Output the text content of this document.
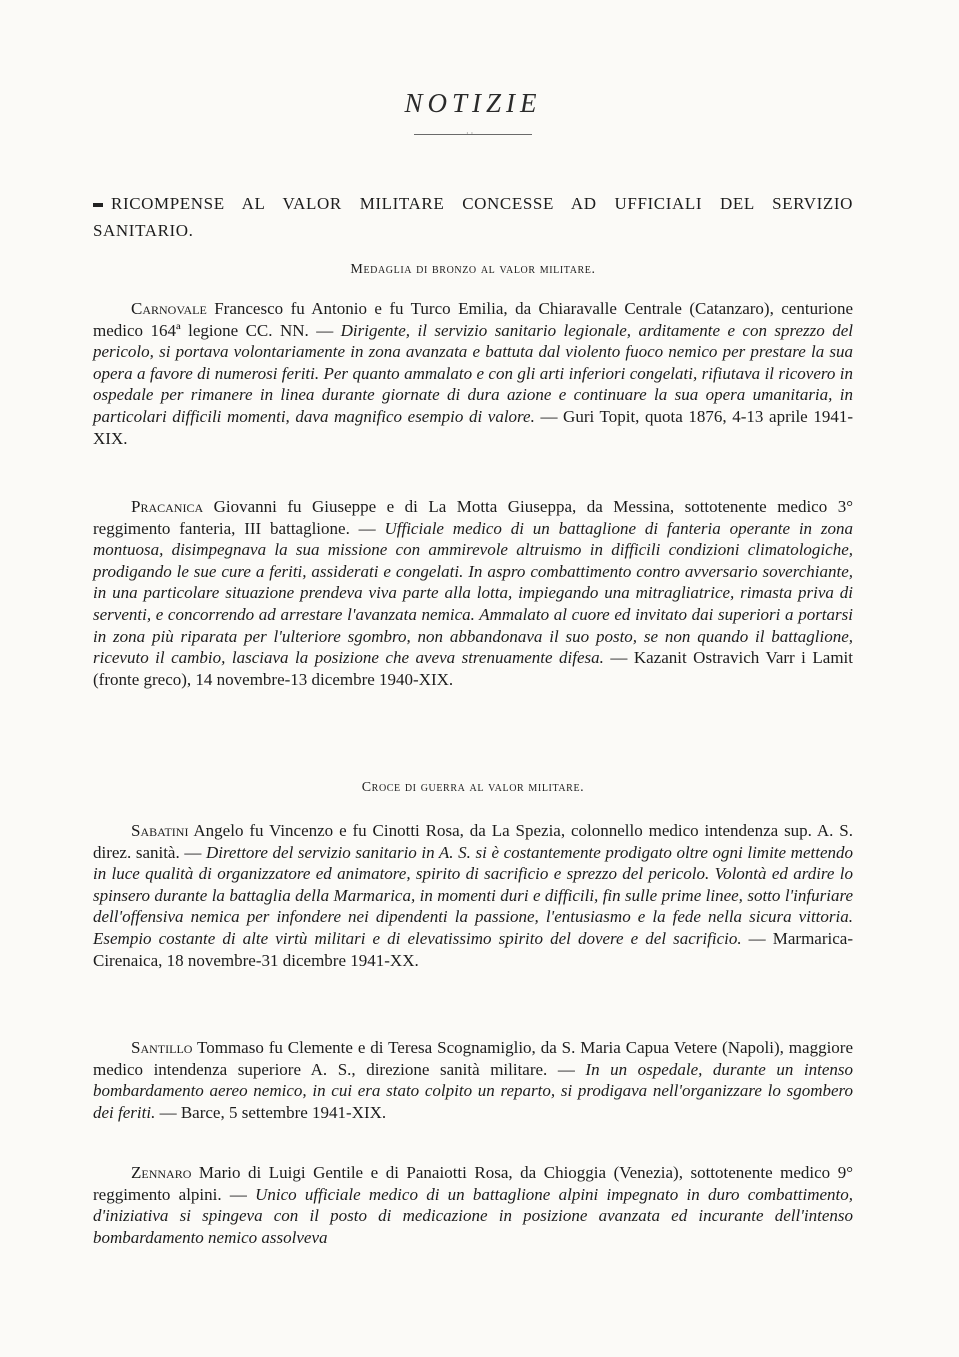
NOTIZIE
· ·
RICOMPENSE AL VALOR MILITARE CONCESSE AD UFFICIALI DEL SERVIZIO SANITARIO.
Medaglia di bronzo al valor militare.

Carnovale Francesco fu Antonio e fu Turco Emilia, da Chiaravalle Centrale (Catanzaro), centurione medico 164ª legione CC. NN. — Dirigente, il servizio sanitario legionale, arditamente e con sprezzo del pericolo, si portava volontariamente in zona avanzata e battuta dal violento fuoco nemico per prestare la sua opera a favore di numerosi feriti. Per quanto ammalato e con gli arti inferiori congelati, rifiutava il ricovero in ospedale per rimanere in linea durante giornate di dura azione e continuare la sua opera umanitaria, in particolari difficili momenti, dava magnifico esempio di valore. — Guri Topit, quota 1876, 4-13 aprile 1941-XIX.

Pracanica Giovanni fu Giuseppe e di La Motta Giuseppa, da Messina, sottotenente medico 3° reggimento fanteria, III battaglione. — Ufficiale medico di un battaglione di fanteria operante in zona montuosa, disimpegnava la sua missione con ammirevole altruismo in difficili condizioni climatologiche, prodigando le sue cure a feriti, assiderati e congelati. In aspro combattimento contro avversario soverchiante, in una particolare situazione prendeva viva parte alla lotta, impiegando una mitragliatrice, rimasta priva di serventi, e concorrendo ad arrestare l'avanzata nemica. Ammalato al cuore ed invitato dai superiori a portarsi in zona più riparata per l'ulteriore sgombro, non abbandonava il suo posto, se non quando il battaglione, ricevuto il cambio, lasciava la posizione che aveva strenuamente difesa. — Kazanit Ostravich Varr i Lamit (fronte greco), 14 novembre-13 dicembre 1940-XIX.

Croce di guerra al valor militare.

Sabatini Angelo fu Vincenzo e fu Cinotti Rosa, da La Spezia, colonnello medico intendenza sup. A. S. direz. sanità. — Direttore del servizio sanitario in A. S. si è costantemente prodigato oltre ogni limite mettendo in luce qualità di organizzatore ed animatore, spirito di sacrificio e sprezzo del pericolo. Volontà ed ardire lo spinsero durante la battaglia della Marmarica, in momenti duri e difficili, fin sulle prime linee, sotto l'infuriare dell'offensiva nemica per infondere nei dipendenti la passione, l'entusiasmo e la fede nella sicura vittoria. Esempio costante di alte virtù militari e di elevatissimo spirito del dovere e del sacrificio. — Marmarica-Cirenaica, 18 novembre-31 dicembre 1941-XX.

Santillo Tommaso fu Clemente e di Teresa Scognamiglio, da S. Maria Capua Vetere (Napoli), maggiore medico intendenza superiore A. S., direzione sanità militare. — In un ospedale, durante un intenso bombardamento aereo nemico, in cui era stato colpito un reparto, si prodigava nell'organizzare lo sgombero dei feriti. — Barce, 5 settembre 1941-XIX.

Zennaro Mario di Luigi Gentile e di Panaiotti Rosa, da Chioggia (Venezia), sottotenente medico 9° reggimento alpini. — Unico ufficiale medico di un battaglione alpini impegnato in duro combattimento, d'iniziativa si spingeva con il posto di medicazione in posizione avanzata ed incurante dell'intenso bombardamento nemico assolveva
